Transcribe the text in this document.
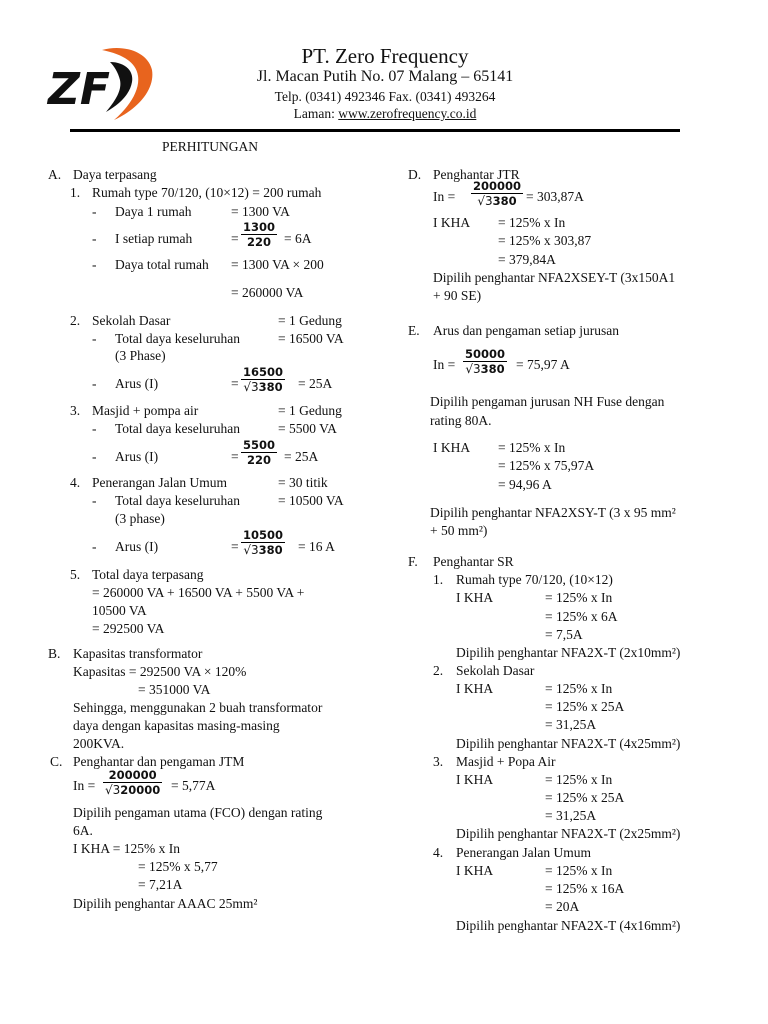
ZF
PT. Zero Frequency
Jl. Macan Putih No. 07 Malang – 65141
Telp. (0341) 492346 Fax. (0341) 493264
Laman: www.zerofrequency.co.id
PERHITUNGAN
A. Daya terpasang
1. Rumah type 70/120, (10×12) = 200 rumah
- Daya 1 rumah	= 1300 VA
- I setiap rumah	= $\frac{1300}{220} = 6A$
- Daya total rumah = 1300 VA × 200
= 260000 VA
2. Sekolah Dasar	= 1 Gedung
- Total daya keseluruhan	= 16500 VA
(3 Phase)
- Arus (I)	= $\frac{16500}{√3380} = 25A$
3. Masjid + pompa air	= 1 Gedung
- Total daya keseluruhan	= 5500 VA
- Arus (I)	= $\frac{5500}{220} = 25A$
4. Penerangan Jalan Umum	= 30 titik
- Total daya keseluruhan	= 10500 VA
(3 phase)
- Arus (I)	= $\frac{10500}{√3380} = 16$ A
5. Total daya terpasang
= 260000 VA + 16500 VA + 5500 VA +
10500 VA
= 292500 VA
B. Kapasitas transformator
Kapasitas = 292500 VA × 120%
= 351000 VA
Sehingga, menggunakan 2 buah transformator
daya dengan kapasitas masing-masing
200KVA.
C. Penghantar dan pengaman JTM
$In = \frac{200000}{√320000} = 5,77A$
Dipilih pengaman utama (FCO) dengan rating
6A.
I KHA = 125% x In
= 125% x 5,77
= 7,21A
Dipilih penghantar AAAC 25mm²
D. Penghantar JTR
$In = \frac{200000}{√3380} = 303,87A$
I KHA = 125% x In
= 125% x 303,87
= 379,84A
Dipilih penghantar NFA2XSEY-T (3x150A1
+ 90 SE)
E. Arus dan pengaman setiap jurusan
$In = \frac{50000}{√3380} = 75,97$ A
Dipilih pengaman jurusan NH Fuse dengan
rating 80A.
I KHA = 125% x In
= 125% x 75,97A
= 94,96 A
Dipilih penghantar NFA2XSY-T (3 x 95 mm²
+ 50 mm²)
F. Penghantar SR
1. Rumah type 70/120, (10×12)
I KHA	= 125% x In
= 125% x 6A
= 7,5A
Dipilih penghantar NFA2X-T (2x10mm²)
2. Sekolah Dasar
I KHA	= 125% x In
= 125% x 25A
= 31,25A
Dipilih penghantar NFA2X-T (4x25mm²)
3. Masjid + Popa Air
I KHA	= 125% x In
= 125% x 25A
= 31,25A
Dipilih penghantar NFA2X-T (2x25mm²)
4. Penerangan Jalan Umum
I KHA	= 125% x In
= 125% x 16A
= 20A
Dipilih penghantar NFA2X-T (4x16mm²)
